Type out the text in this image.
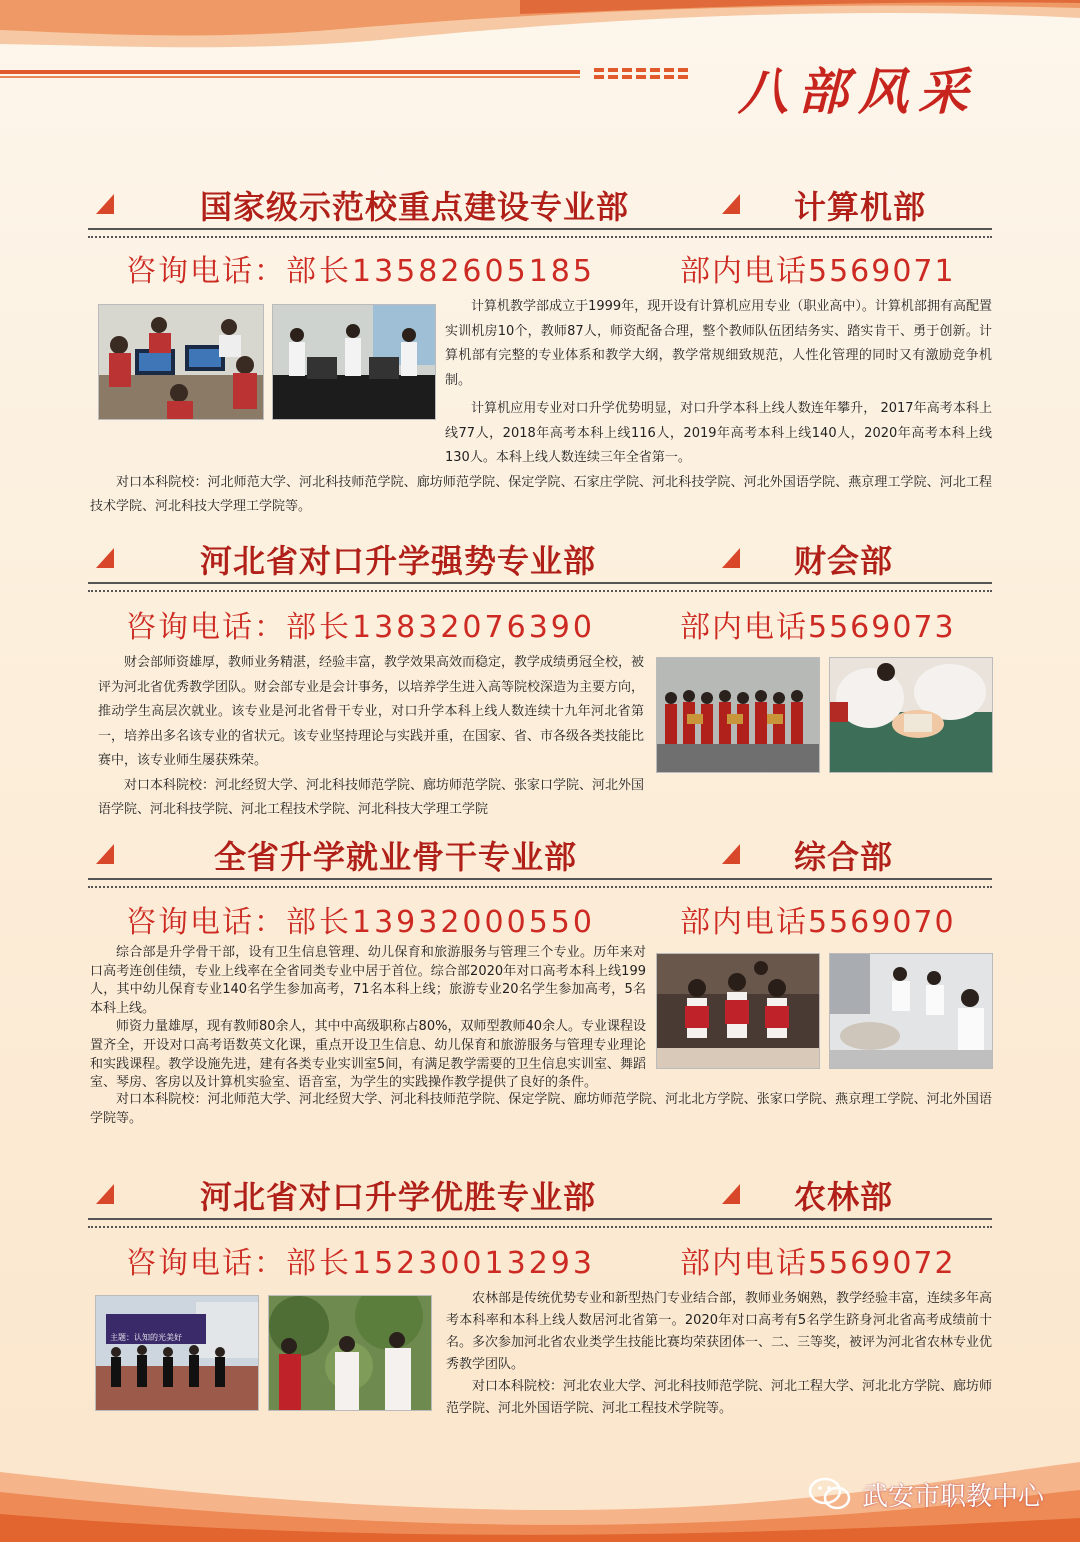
八部风采
国家级示范校重点建设专业部	计算机部
咨询电话：部长13582605185	部内电话5569071

计算机教学部成立于1999年，现开设有计算机应用专业（职业高中）。计算机部拥有高配置实训机房10个，教师87人，师资配备合理，整个教师队伍团结务实、踏实肯干、勇于创新。计算机部有完整的专业体系和教学大纲，教学常规细致规范，人性化管理的同时又有激励竞争机制。

计算机应用专业对口升学优势明显，对口升学本科上线人数连年攀升， 2017年高考本科上线77人，2018年高考本科上线116人，2019年高考本科上线140人，2020年高考本科上线130人。本科上线人数连续三年全省第一。

对口本科院校：河北师范大学、河北科技师范学院、廊坊师范学院、保定学院、石家庄学院、河北科技学院、河北外国语学院、燕京理工学院、河北工程技术学院、河北科技大学理工学院等。

河北省对口升学强势专业部	财会部
咨询电话：部长13832076390	部内电话5569073

财会部师资雄厚，教师业务精湛，经验丰富，教学效果高效而稳定，教学成绩勇冠全校，被评为河北省优秀教学团队。财会部专业是会计事务，以培养学生进入高等院校深造为主要方向，推动学生高层次就业。该专业是河北省骨干专业，对口升学本科上线人数连续十九年河北省第一，培养出多名该专业的省状元。该专业坚持理论与实践并重，在国家、省、市各级各类技能比赛中，该专业师生屡获殊荣。

对口本科院校：河北经贸大学、河北科技师范学院、廊坊师范学院、张家口学院、河北外国语学院、河北科技学院、河北工程技术学院、河北科技大学理工学院

全省升学就业骨干专业部	综合部
咨询电话：部长13932000550	部内电话5569070

综合部是升学骨干部，设有卫生信息管理、幼儿保育和旅游服务与管理三个专业。历年来对口高考连创佳绩，专业上线率在全省同类专业中居于首位。综合部2020年对口高考本科上线199人，其中幼儿保育专业140名学生参加高考，71名本科上线；旅游专业20名学生参加高考，5名本科上线。

师资力量雄厚，现有教师80余人，其中中高级职称占80%，双师型教师40余人。专业课程设置齐全，开设对口高考语数英文化课，重点开设卫生信息、幼儿保育和旅游服务与管理专业理论和实践课程。教学设施先进，建有各类专业实训室5间，有满足教学需要的卫生信息实训室、舞蹈室、琴房、客房以及计算机实验室、语音室，为学生的实践操作教学提供了良好的条件。

对口本科院校：河北师范大学、河北经贸大学、河北科技师范学院、保定学院、廊坊师范学院、河北北方学院、张家口学院、燕京理工学院、河北外国语学院等。

河北省对口升学优胜专业部	农林部
咨询电话：部长15230013293	部内电话5569072
主题：认知的光美好

农林部是传统优势专业和新型热门专业结合部，教师业务娴熟，教学经验丰富，连续多年高考本科率和本科上线人数居河北省第一。2020年对口高考有5名学生跻身河北省高考成绩前十名。多次参加河北省农业类学生技能比赛均荣获团体一、二、三等奖，被评为河北省农林专业优秀教学团队。

对口本科院校：河北农业大学、河北科技师范学院、河北工程大学、河北北方学院、廊坊师范学院、河北外国语学院、河北工程技术学院等。

武安市职教中心
